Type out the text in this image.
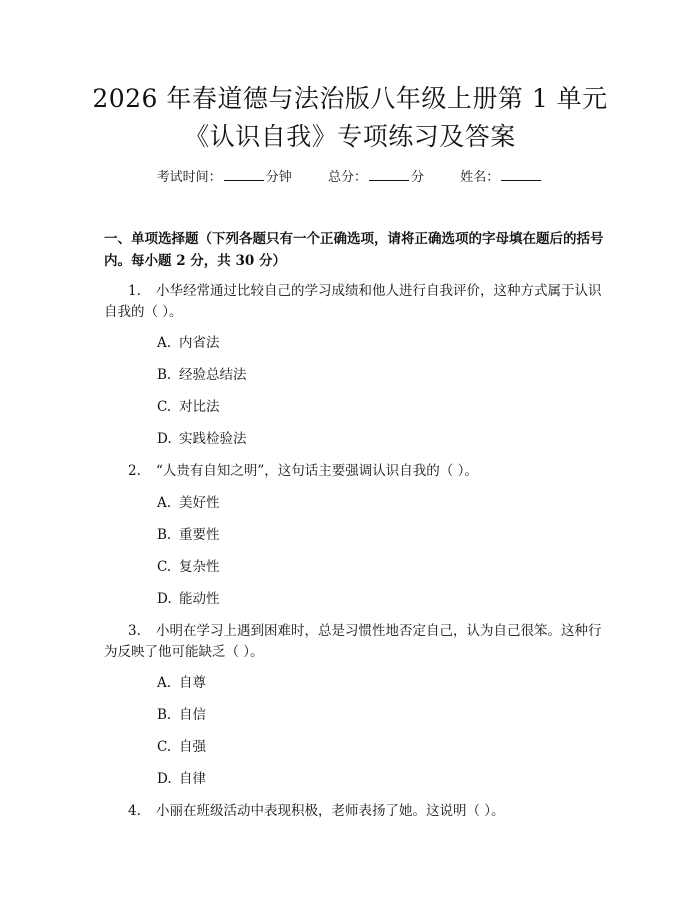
2026 年春道德与法治版八年级上册第 1 单元
《认识自我》专项练习及答案
考试时间：	分钟	总分：	分	姓名：
一、单项选择题（下列各题只有一个正确选项，请将正确选项的字母填在题后的括号内。每小题 2 分，共 30 分）
1. 小华经常通过比较自己的学习成绩和他人进行自我评价，这种方式属于认识自我的（ ）。
A. 内省法
B. 经验总结法
C. 对比法
D. 实践检验法
2. “人贵有自知之明”，这句话主要强调认识自我的（ ）。
A. 美好性
B. 重要性
C. 复杂性
D. 能动性
3. 小明在学习上遇到困难时，总是习惯性地否定自己，认为自己很笨。这种行为反映了他可能缺乏（ ）。
A. 自尊
B. 自信
C. 自强
D. 自律
4. 小丽在班级活动中表现积极，老师表扬了她。这说明（ ）。
